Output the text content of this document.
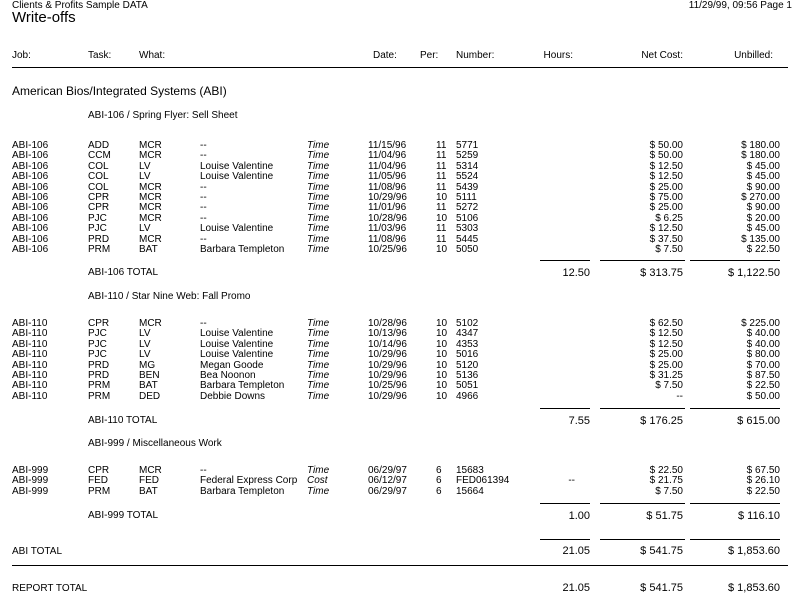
Clients & Profits Sample DATA
Write-offs
11/29/99, 09:56 Page 1
Job:	Task:	What:	Date: Per: Number:	Hours:	Net Cost:	Unbilled:
American Bios/Integrated Systems (ABI)
ABI-106 / Spring Flyer: Sell Sheet
ABI-106	ADD	MCR	--	Time	11/15/96	11 5771	$ 50.00	$ 180.00
ABI-106	CCM	MCR	--	Time	11/04/96	11 5259	$ 50.00	$ 180.00
ABI-106	COL	LV	Louise Valentine	Time	11/04/96	11 5314	$ 12.50	$ 45.00
ABI-106	COL	LV	Louise Valentine	Time	11/05/96	11 5524	$ 12.50	$ 45.00
ABI-106	COL	MCR	--	Time	11/08/96	11 5439	$ 25.00	$ 90.00
ABI-106	CPR	MCR	--	Time	10/29/96	10 5111	$ 75.00	$ 270.00
ABI-106	CPR	MCR	--	Time	11/01/96	11 5272	$ 25.00	$ 90.00
ABI-106	PJC	MCR	--	Time	10/28/96	10 5106	$ 6.25	$ 20.00
ABI-106	PJC	LV	Louise Valentine	Time	11/03/96	11 5303	$ 12.50	$ 45.00
ABI-106	PRD	MCR	--	Time	11/08/96	11 5445	$ 37.50	$ 135.00
ABI-106	PRM	BAT	Barbara Templeton Time	10/25/96	10 5050	$ 7.50	$ 22.50
ABI-106 TOTAL	12.50	$ 313.75	$ 1,122.50
ABI-110 / Star Nine Web: Fall Promo
ABI-110	CPR	MCR	--	Time	10/28/96	10 5102	$ 62.50	$ 225.00
ABI-110	PJC	LV	Louise Valentine	Time	10/13/96	10 4347	$ 12.50	$ 40.00
ABI-110	PJC	LV	Louise Valentine	Time	10/14/96	10 4353	$ 12.50	$ 40.00
ABI-110	PJC	LV	Louise Valentine	Time	10/29/96	10 5016	$ 25.00	$ 80.00
ABI-110	PRD	MG	Megan Goode	Time	10/29/96	10 5120	$ 25.00	$ 70.00
ABI-110	PRD	BEN	Bea Noonon	Time	10/29/96	10 5136	$ 31.25	$ 87.50
ABI-110	PRM	BAT	Barbara Templeton Time	10/25/96	10 5051	$ 7.50	$ 22.50
ABI-110	PRM	DED	Debbie Downs	Time	10/29/96	10 4966	--	$ 50.00
ABI-110 TOTAL	7.55	$ 176.25	$ 615.00
ABI-999 / Miscellaneous Work
ABI-999	CPR	MCR	--	Time	06/29/97	6 15683	$ 22.50	$ 67.50
ABI-999	FED	FED	Federal Express Corp Cost	06/12/97	6 FED061394	--	$ 21.75	$ 26.10
ABI-999	PRM	BAT	Barbara Templeton Time	06/29/97	6 15664	$ 7.50	$ 22.50
ABI-999 TOTAL	1.00	$ 51.75	$ 116.10
ABI TOTAL	21.05	$ 541.75	$ 1,853.60
REPORT TOTAL	21.05	$ 541.75	$ 1,853.60
